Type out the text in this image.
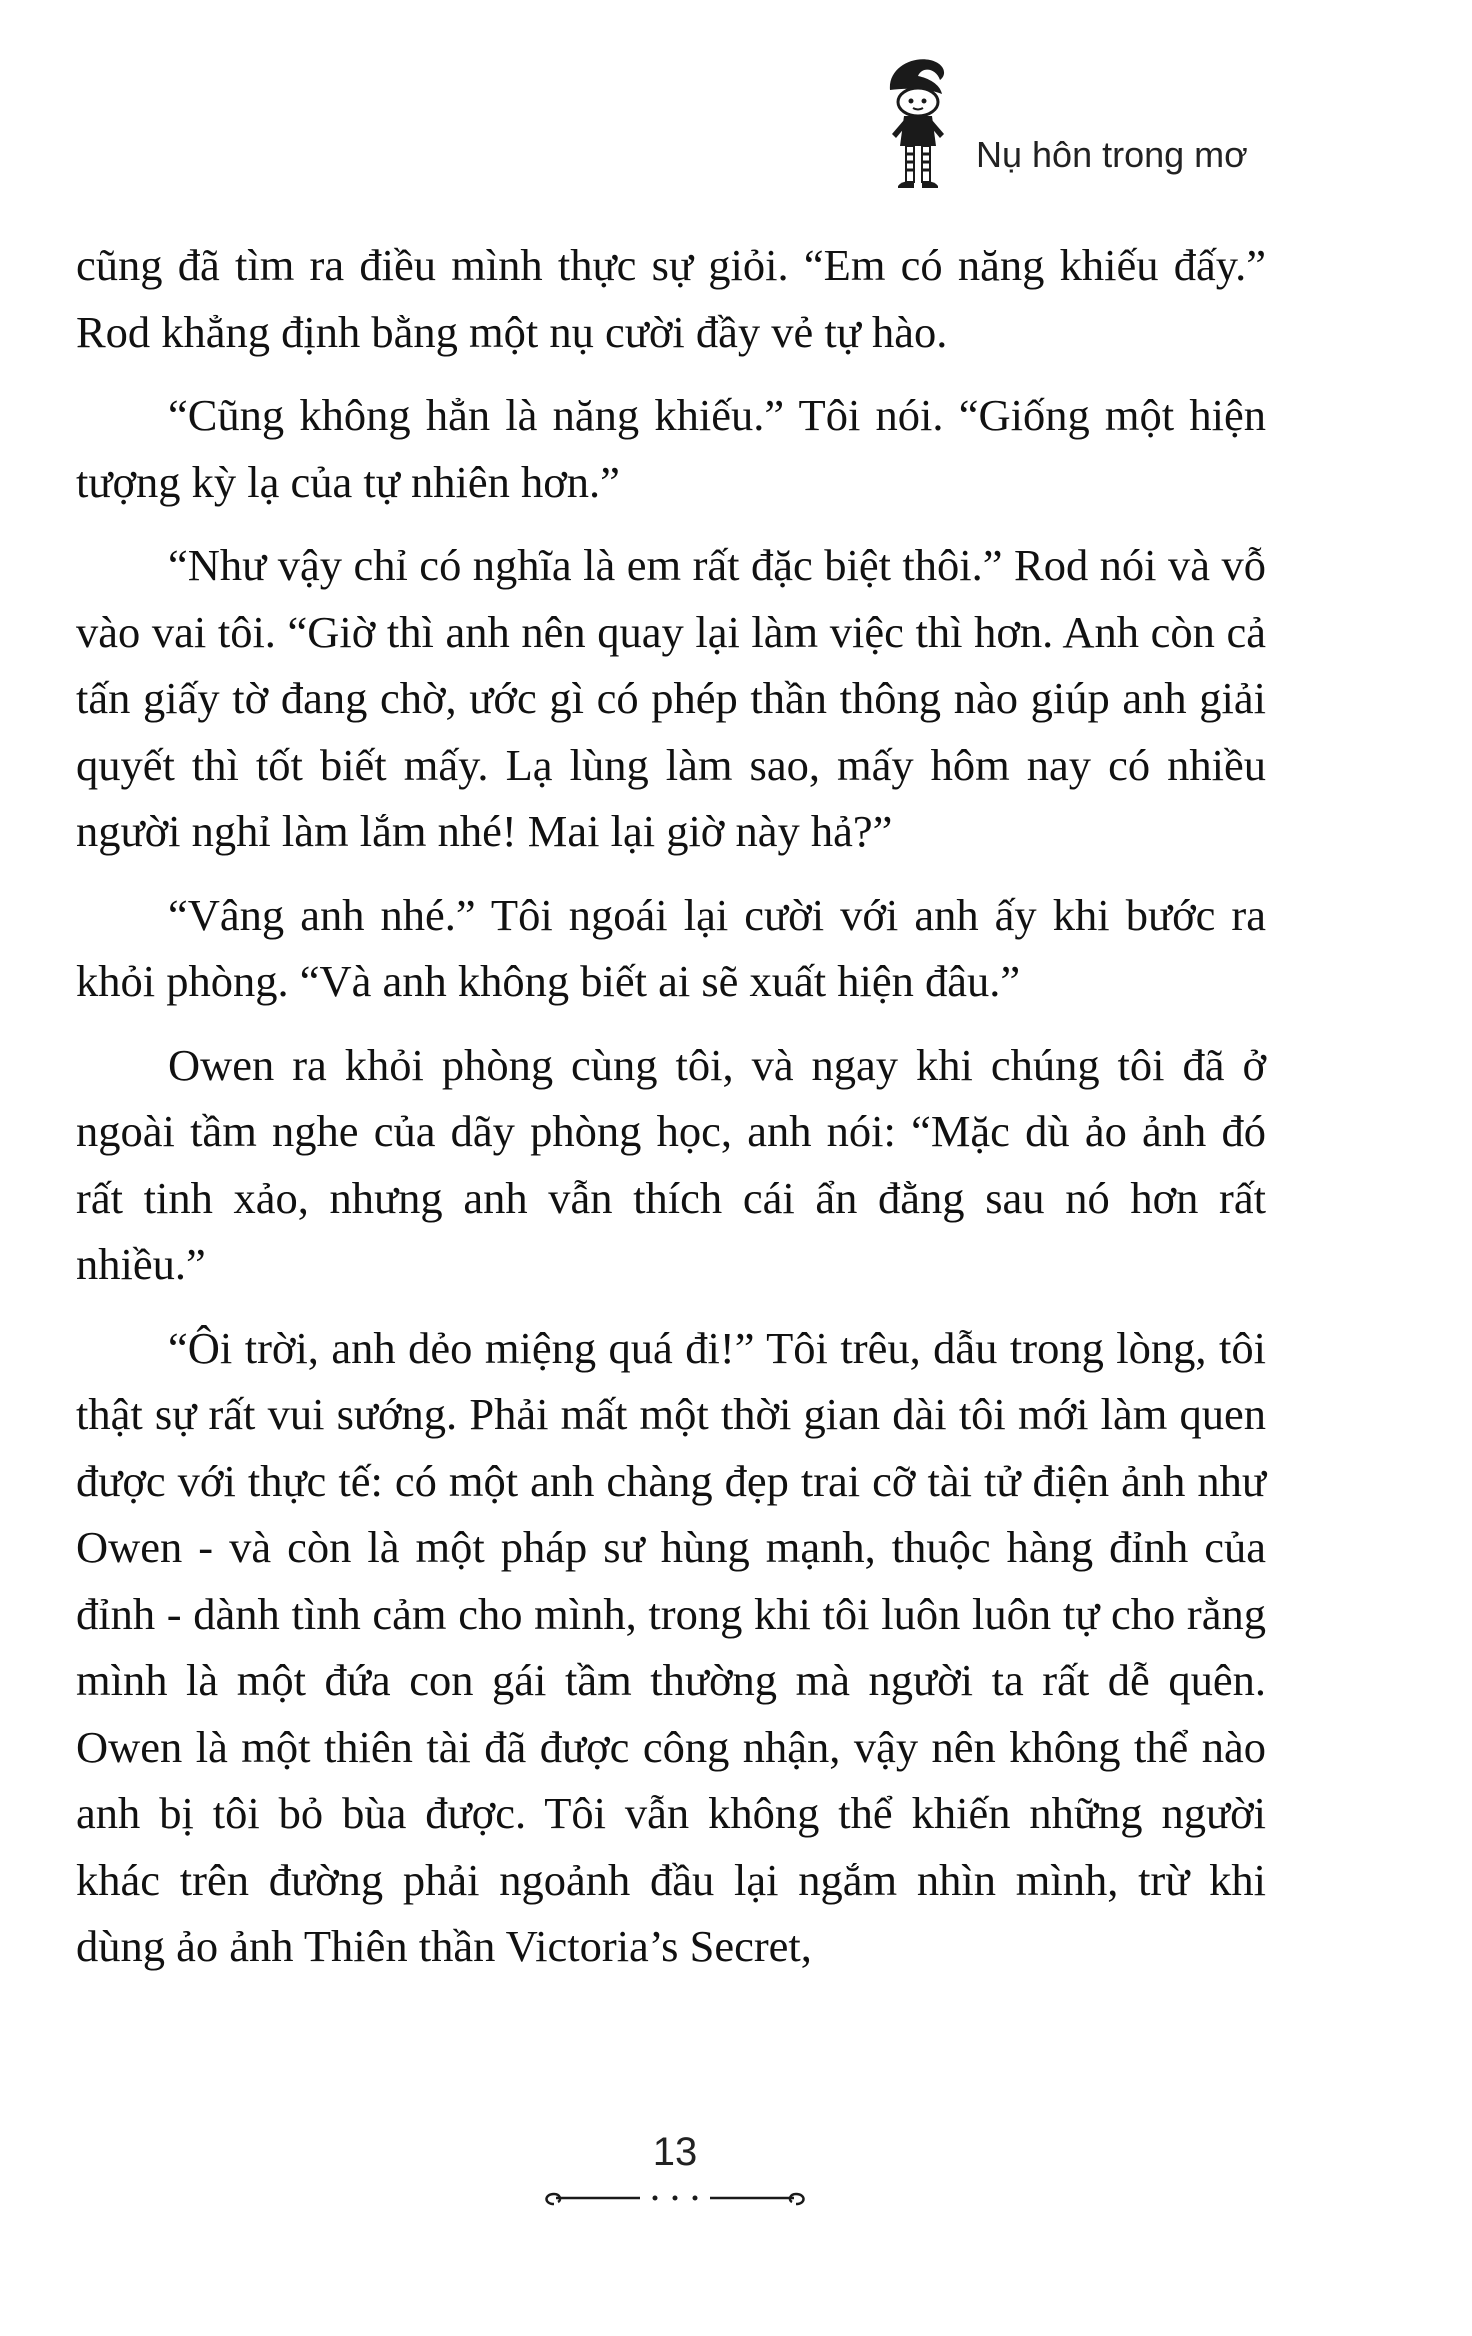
Nụ hôn trong mơ

cũng đã tìm ra điều mình thực sự giỏi. “Em có năng khiếu đấy.” Rod khẳng định bằng một nụ cười đầy vẻ tự hào.

“Cũng không hẳn là năng khiếu.” Tôi nói. “Giống một hiện tượng kỳ lạ của tự nhiên hơn.”

“Như vậy chỉ có nghĩa là em rất đặc biệt thôi.” Rod nói và vỗ vào vai tôi. “Giờ thì anh nên quay lại làm việc thì hơn. Anh còn cả tấn giấy tờ đang chờ, ước gì có phép thần thông nào giúp anh giải quyết thì tốt biết mấy. Lạ lùng làm sao, mấy hôm nay có nhiều người nghỉ làm lắm nhé! Mai lại giờ này hả?”

“Vâng anh nhé.” Tôi ngoái lại cười với anh ấy khi bước ra khỏi phòng. “Và anh không biết ai sẽ xuất hiện đâu.”

Owen ra khỏi phòng cùng tôi, và ngay khi chúng tôi đã ở ngoài tầm nghe của dãy phòng học, anh nói: “Mặc dù ảo ảnh đó rất tinh xảo, nhưng anh vẫn thích cái ẩn đằng sau nó hơn rất nhiều.”

“Ôi trời, anh dẻo miệng quá đi!” Tôi trêu, dẫu trong lòng, tôi thật sự rất vui sướng. Phải mất một thời gian dài tôi mới làm quen được với thực tế: có một anh chàng đẹp trai cỡ tài tử điện ảnh như Owen - và còn là một pháp sư hùng mạnh, thuộc hàng đỉnh của đỉnh - dành tình cảm cho mình, trong khi tôi luôn luôn tự cho rằng mình là một đứa con gái tầm thường mà người ta rất dễ quên. Owen là một thiên tài đã được công nhận, vậy nên không thể nào anh bị tôi bỏ bùa được. Tôi vẫn không thể khiến những người khác trên đường phải ngoảnh đầu lại ngắm nhìn mình, trừ khi dùng ảo ảnh Thiên thần Victoria’s Secret,

13
